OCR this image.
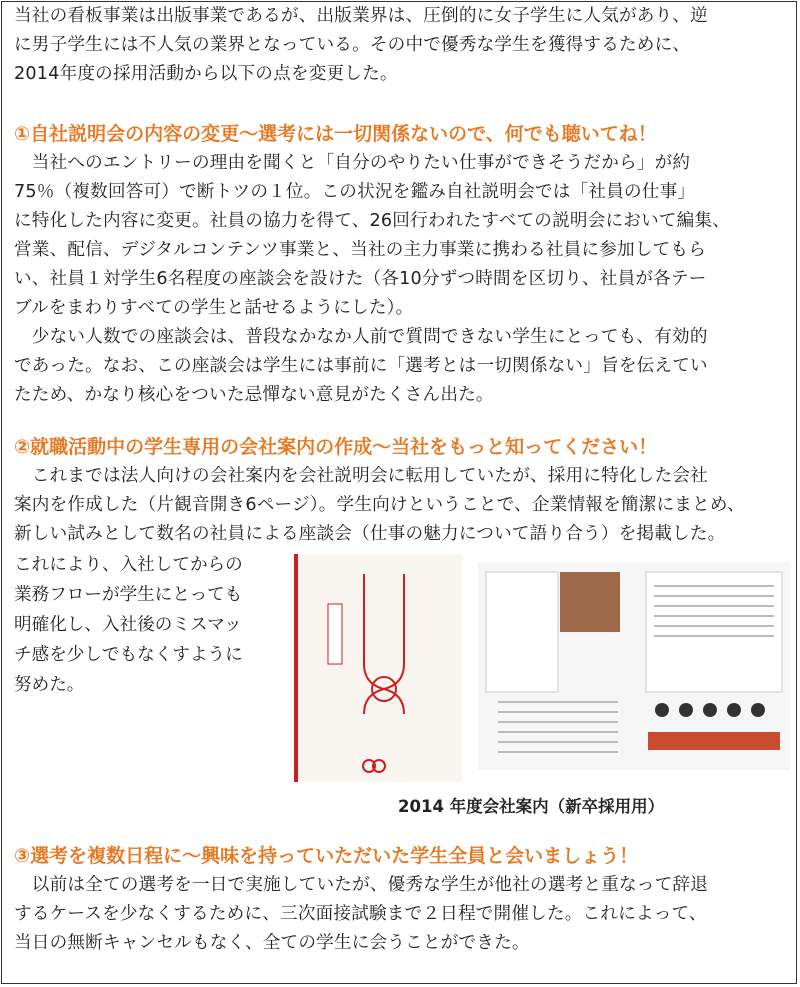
当社の看板事業は出版事業であるが、出版業界は、圧倒的に女子学生に人気があり、逆
に男子学生には不人気の業界となっている。その中で優秀な学生を獲得するために、
2014年度の採用活動から以下の点を変更した。

①自社説明会の内容の変更～選考には一切関係ないので、何でも聴いてね！

　当社へのエントリーの理由を聞くと「自分のやりたい仕事ができそうだから」が約
75％（複数回答可）で断トツの１位。この状況を鑑み自社説明会では「社員の仕事」
に特化した内容に変更。社員の協力を得て、26回行われたすべての説明会において編集、
営業、配信、デジタルコンテンツ事業と、当社の主力事業に携わる社員に参加してもら
い、社員１対学生6名程度の座談会を設けた（各10分ずつ時間を区切り、社員が各テー
ブルをまわりすべての学生と話せるようにした）。

　少ない人数での座談会は、普段なかなか人前で質問できない学生にとっても、有効的
であった。なお、この座談会は学生には事前に「選考とは一切関係ない」旨を伝えてい
たため、かなり核心をついた忌憚ない意見がたくさん出た。

②就職活動中の学生専用の会社案内の作成～当社をもっと知ってください！

　これまでは法人向けの会社案内を会社説明会に転用していたが、採用に特化した会社
案内を作成した（片観音開き6ページ）。学生向けということで、企業情報を簡潔にまとめ、
新しい試みとして数名の社員による座談会（仕事の魅力について語り合う）を掲載した。

これにより、入社してからの
業務フローが学生にとっても
明確化し、入社後のミスマッ
チ感を少しでもなくすように
努めた。

2014 年度会社案内（新卒採用用）

③選考を複数日程に～興味を持っていただいた学生全員と会いましょう！

　以前は全ての選考を一日で実施していたが、優秀な学生が他社の選考と重なって辞退
するケースを少なくするために、三次面接試験まで２日程で開催した。これによって、
当日の無断キャンセルもなく、全ての学生に会うことができた。
